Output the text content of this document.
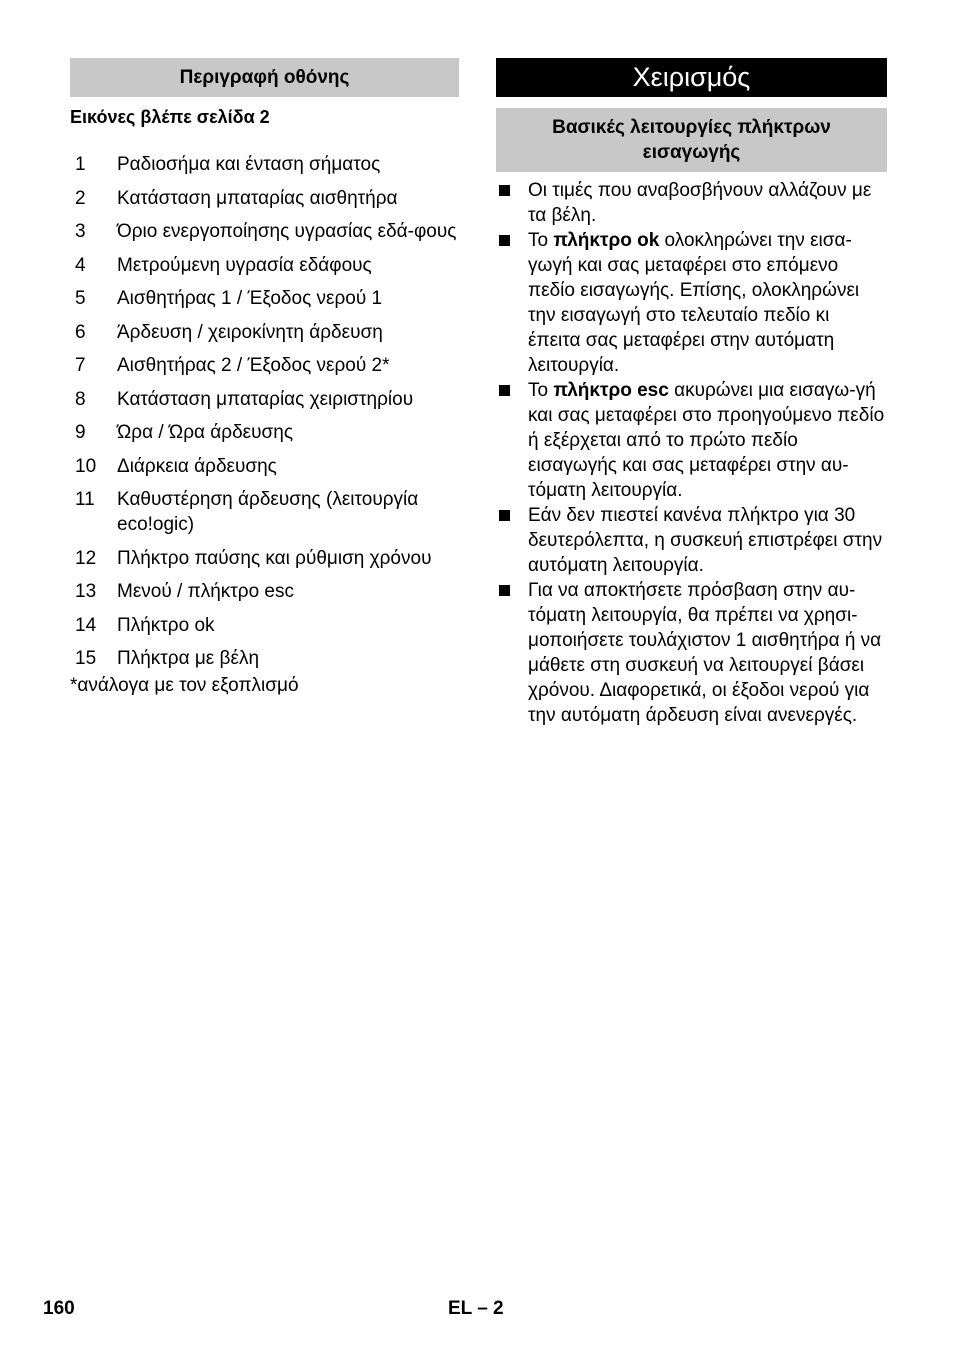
Περιγραφή οθόνης
Εικόνες βλέπε σελίδα 2
1	Ραδιοσήμα και ένταση σήματος
2	Κατάσταση μπαταρίας αισθητήρα
3	Όριο ενεργοποίησης υγρασίας εδά-φους
4	Μετρούμενη υγρασία εδάφους
5	Αισθητήρας 1 / Έξοδος νερού 1
6	Άρδευση / χειροκίνητη άρδευση
7	Αισθητήρας 2 / Έξοδος νερού 2*
8	Κατάσταση μπαταρίας χειριστηρίου
9	Ώρα / Ώρα άρδευσης
10	Διάρκεια άρδευσης
11	Καθυστέρηση άρδευσης (λειτουργία eco!ogic)
12	Πλήκτρο παύσης και ρύθμιση χρόνου
13	Μενού / πλήκτρο esc
14	Πλήκτρο ok
15	Πλήκτρα με βέλη
*ανάλογα με τον εξοπλισμό
Χειρισμός
Βασικές λειτουργίες πλήκτρων εισαγωγής
Οι τιμές που αναβοσβήνουν αλλάζουν με τα βέλη.
Το πλήκτρο ok ολοκληρώνει την εισα-γωγή και σας μεταφέρει στο επόμενο πεδίο εισαγωγής. Επίσης, ολοκληρώνει την εισαγωγή στο τελευταίο πεδίο κι έπειτα σας μεταφέρει στην αυτόματη λειτουργία.
Το πλήκτρο esc ακυρώνει μια εισαγω-γή και σας μεταφέρει στο προηγούμενο πεδίο ή εξέρχεται από το πρώτο πεδίο εισαγωγής και σας μεταφέρει στην αυ-τόματη λειτουργία.
Εάν δεν πιεστεί κανένα πλήκτρο για 30 δευτερόλεπτα, η συσκευή επιστρέφει στην αυτόματη λειτουργία.
Για να αποκτήσετε πρόσβαση στην αυ-τόματη λειτουργία, θα πρέπει να χρησι-μοποιήσετε τουλάχιστον 1 αισθητήρα ή να μάθετε στη συσκευή να λειτουργεί βάσει χρόνου. Διαφορετικά, οι έξοδοι νερού για την αυτόματη άρδευση είναι ανενεργές.
160	EL – 2
